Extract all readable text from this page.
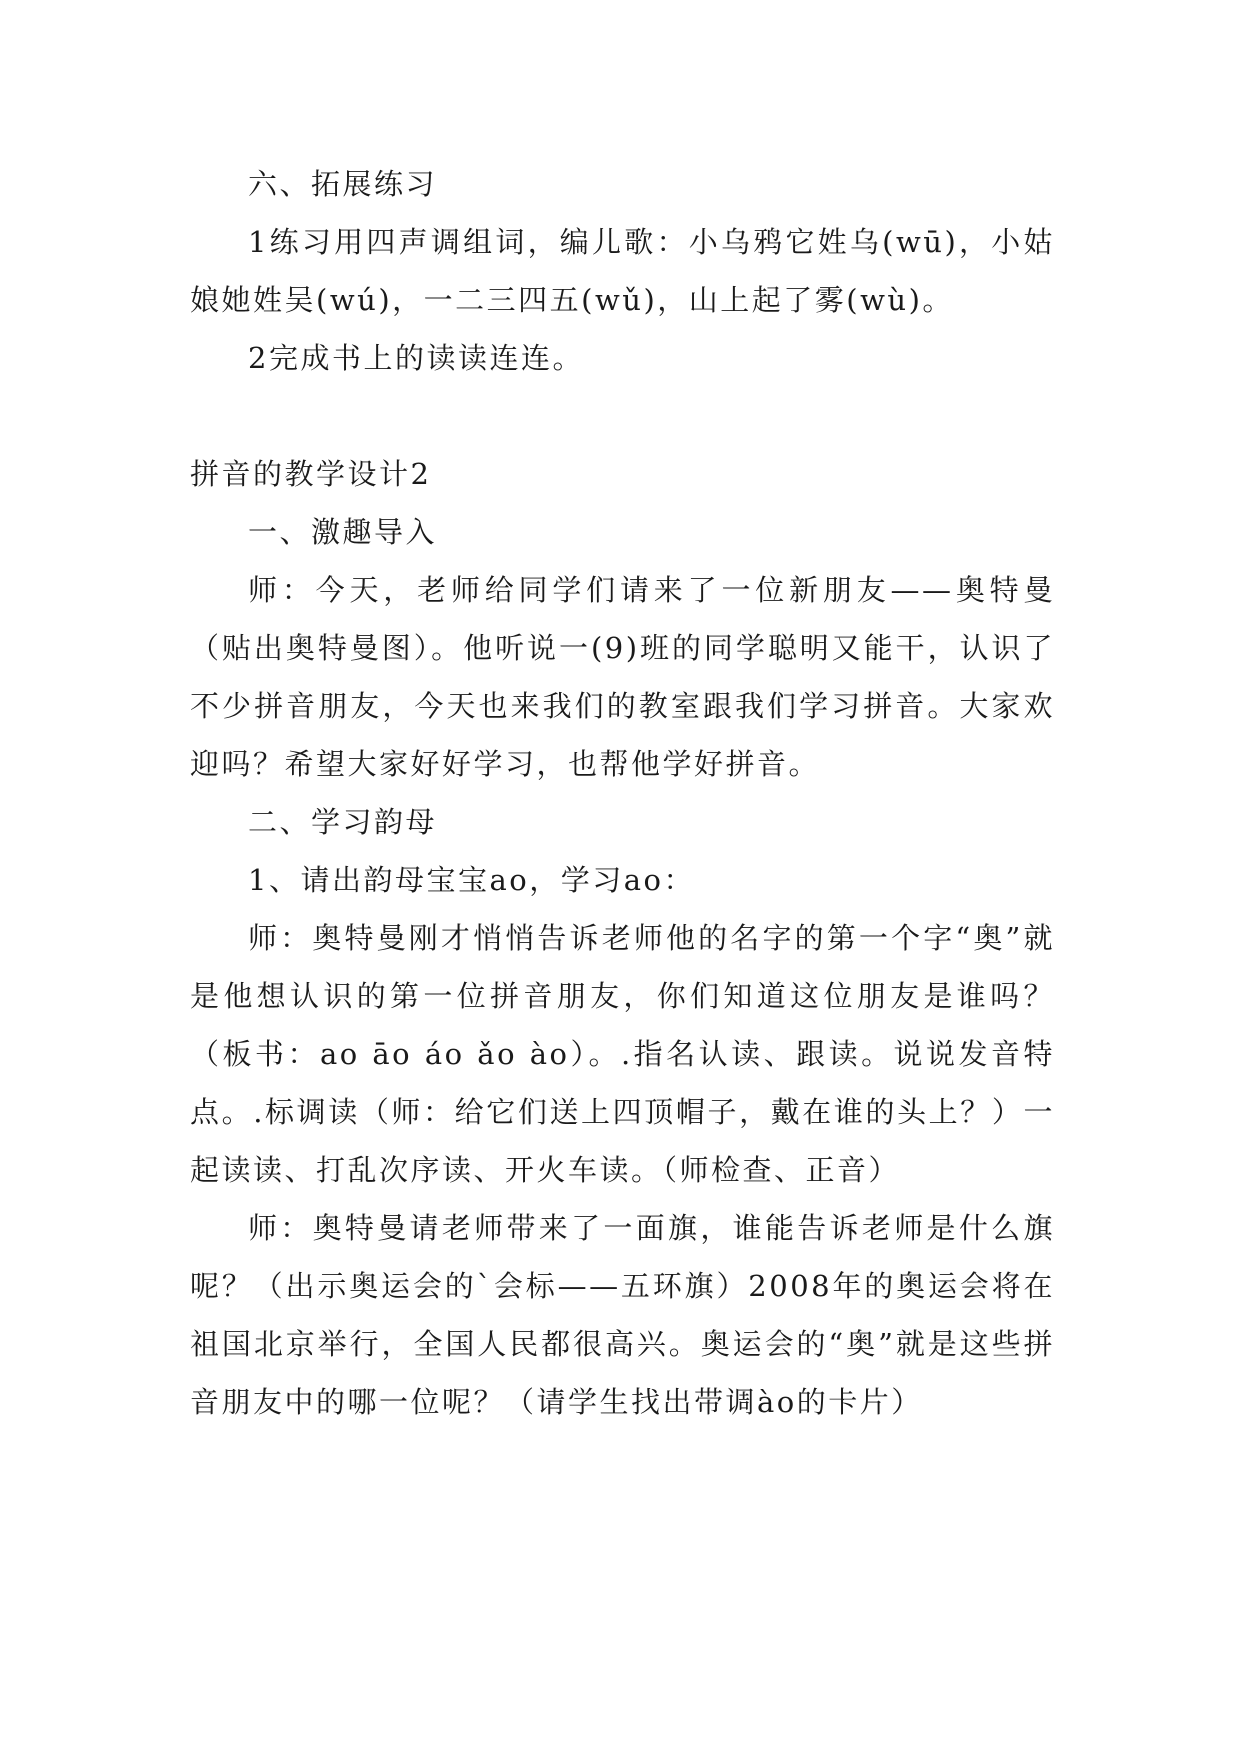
六、拓展练习

1练习用四声调组词，编儿歌：小乌鸦它姓乌(wū)，小姑娘她姓吴(wú)，一二三四五(wǔ)，山上起了雾(wù)。

2完成书上的读读连连。

拼音的教学设计2

一、激趣导入

师：今天，老师给同学们请来了一位新朋友——奥特曼（贴出奥特曼图）。他听说一(9)班的同学聪明又能干，认识了不少拼音朋友，今天也来我们的教室跟我们学习拼音。大家欢迎吗？希望大家好好学习，也帮他学好拼音。

二、学习韵母

1、请出韵母宝宝ao，学习ao：

师：奥特曼刚才悄悄告诉老师他的名字的第一个字“奥”就是他想认识的第一位拼音朋友，你们知道这位朋友是谁吗？（板书：ao āo áo ǎo ào）。.指名认读、跟读。说说发音特点。.标调读（师：给它们送上四顶帽子，戴在谁的头上？）一起读读、打乱次序读、开火车读。（师检查、正音）

师：奥特曼请老师带来了一面旗，谁能告诉老师是什么旗呢？（出示奥运会的`会标——五环旗）2008年的奥运会将在祖国北京举行，全国人民都很高兴。奥运会的“奥”就是这些拼音朋友中的哪一位呢？（请学生找出带调ào的卡片）
